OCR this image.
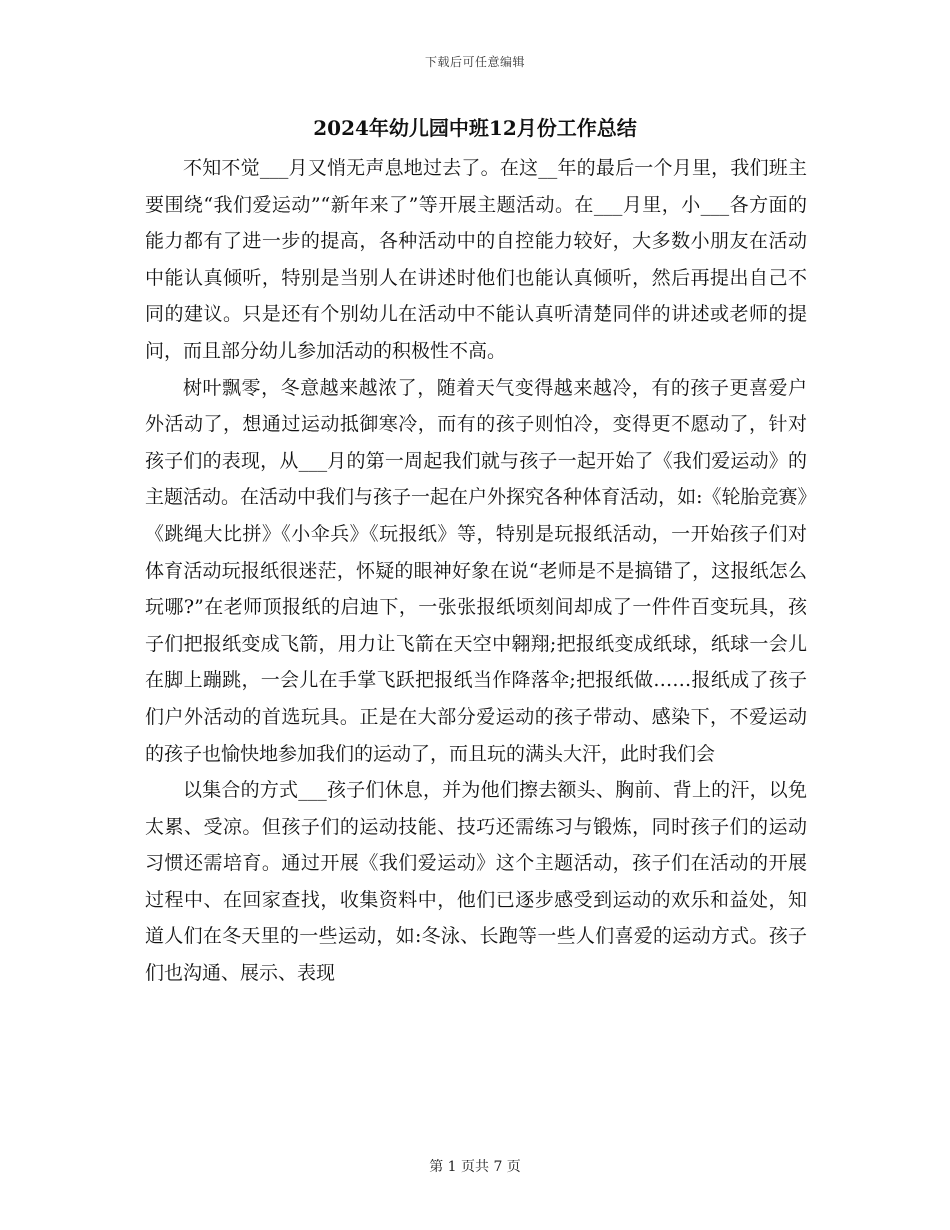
下载后可任意编辑
2024年幼儿园中班12月份工作总结

不知不觉___月又悄无声息地过去了。在这__年的最后一个月里，我们班主要围绕“我们爱运动”“新年来了”等开展主题活动。在___月里，小___各方面的能力都有了进一步的提高，各种活动中的自控能力较好，大多数小朋友在活动中能认真倾听，特别是当别人在讲述时他们也能认真倾听，然后再提出自己不同的建议。只是还有个别幼儿在活动中不能认真听清楚同伴的讲述或老师的提问，而且部分幼儿参加活动的积极性不高。

树叶飘零，冬意越来越浓了，随着天气变得越来越冷，有的孩子更喜爱户外活动了，想通过运动抵御寒冷，而有的孩子则怕冷，变得更不愿动了，针对孩子们的表现，从___月的第一周起我们就与孩子一起开始了《我们爱运动》的主题活动。在活动中我们与孩子一起在户外探究各种体育活动，如:《轮胎竞赛》《跳绳大比拼》《小伞兵》《玩报纸》等，特别是玩报纸活动，一开始孩子们对体育活动玩报纸很迷茫，怀疑的眼神好象在说“老师是不是搞错了，这报纸怎么玩哪?”在老师顶报纸的启迪下，一张张报纸顷刻间却成了一件件百变玩具，孩子们把报纸变成飞箭，用力让飞箭在天空中翱翔;把报纸变成纸球，纸球一会儿在脚上蹦跳，一会儿在手掌飞跃把报纸当作降落伞;把报纸做……报纸成了孩子们户外活动的首选玩具。正是在大部分爱运动的孩子带动、感染下，不爱运动的孩子也愉快地参加我们的运动了，而且玩的满头大汗，此时我们会

以集合的方式___孩子们休息，并为他们擦去额头、胸前、背上的汗，以免太累、受凉。但孩子们的运动技能、技巧还需练习与锻炼，同时孩子们的运动习惯还需培育。通过开展《我们爱运动》这个主题活动，孩子们在活动的开展过程中、在回家查找，收集资料中，他们已逐步感受到运动的欢乐和益处，知道人们在冬天里的一些运动，如:冬泳、长跑等一些人们喜爱的运动方式。孩子们也沟通、展示、表现

第 1 页共 7 页
